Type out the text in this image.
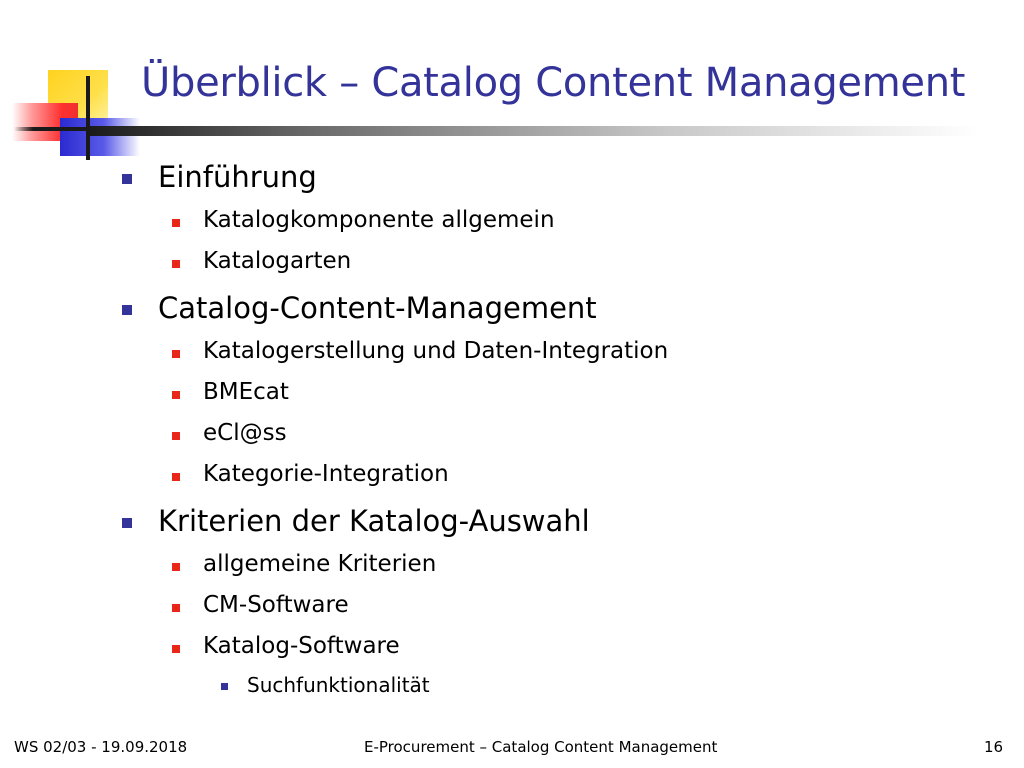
Überblick – Catalog Content Management
Einführung
Katalogkomponente allgemein
Katalogarten
Catalog-Content-Management
Katalogerstellung und Daten-Integration
BMEcat
eCl@ss
Kategorie-Integration
Kriterien der Katalog-Auswahl
allgemeine Kriterien
CM-Software
Katalog-Software
Suchfunktionalität
WS 02/03 - 19.09.2018	E-Procurement – Catalog Content Management	16
